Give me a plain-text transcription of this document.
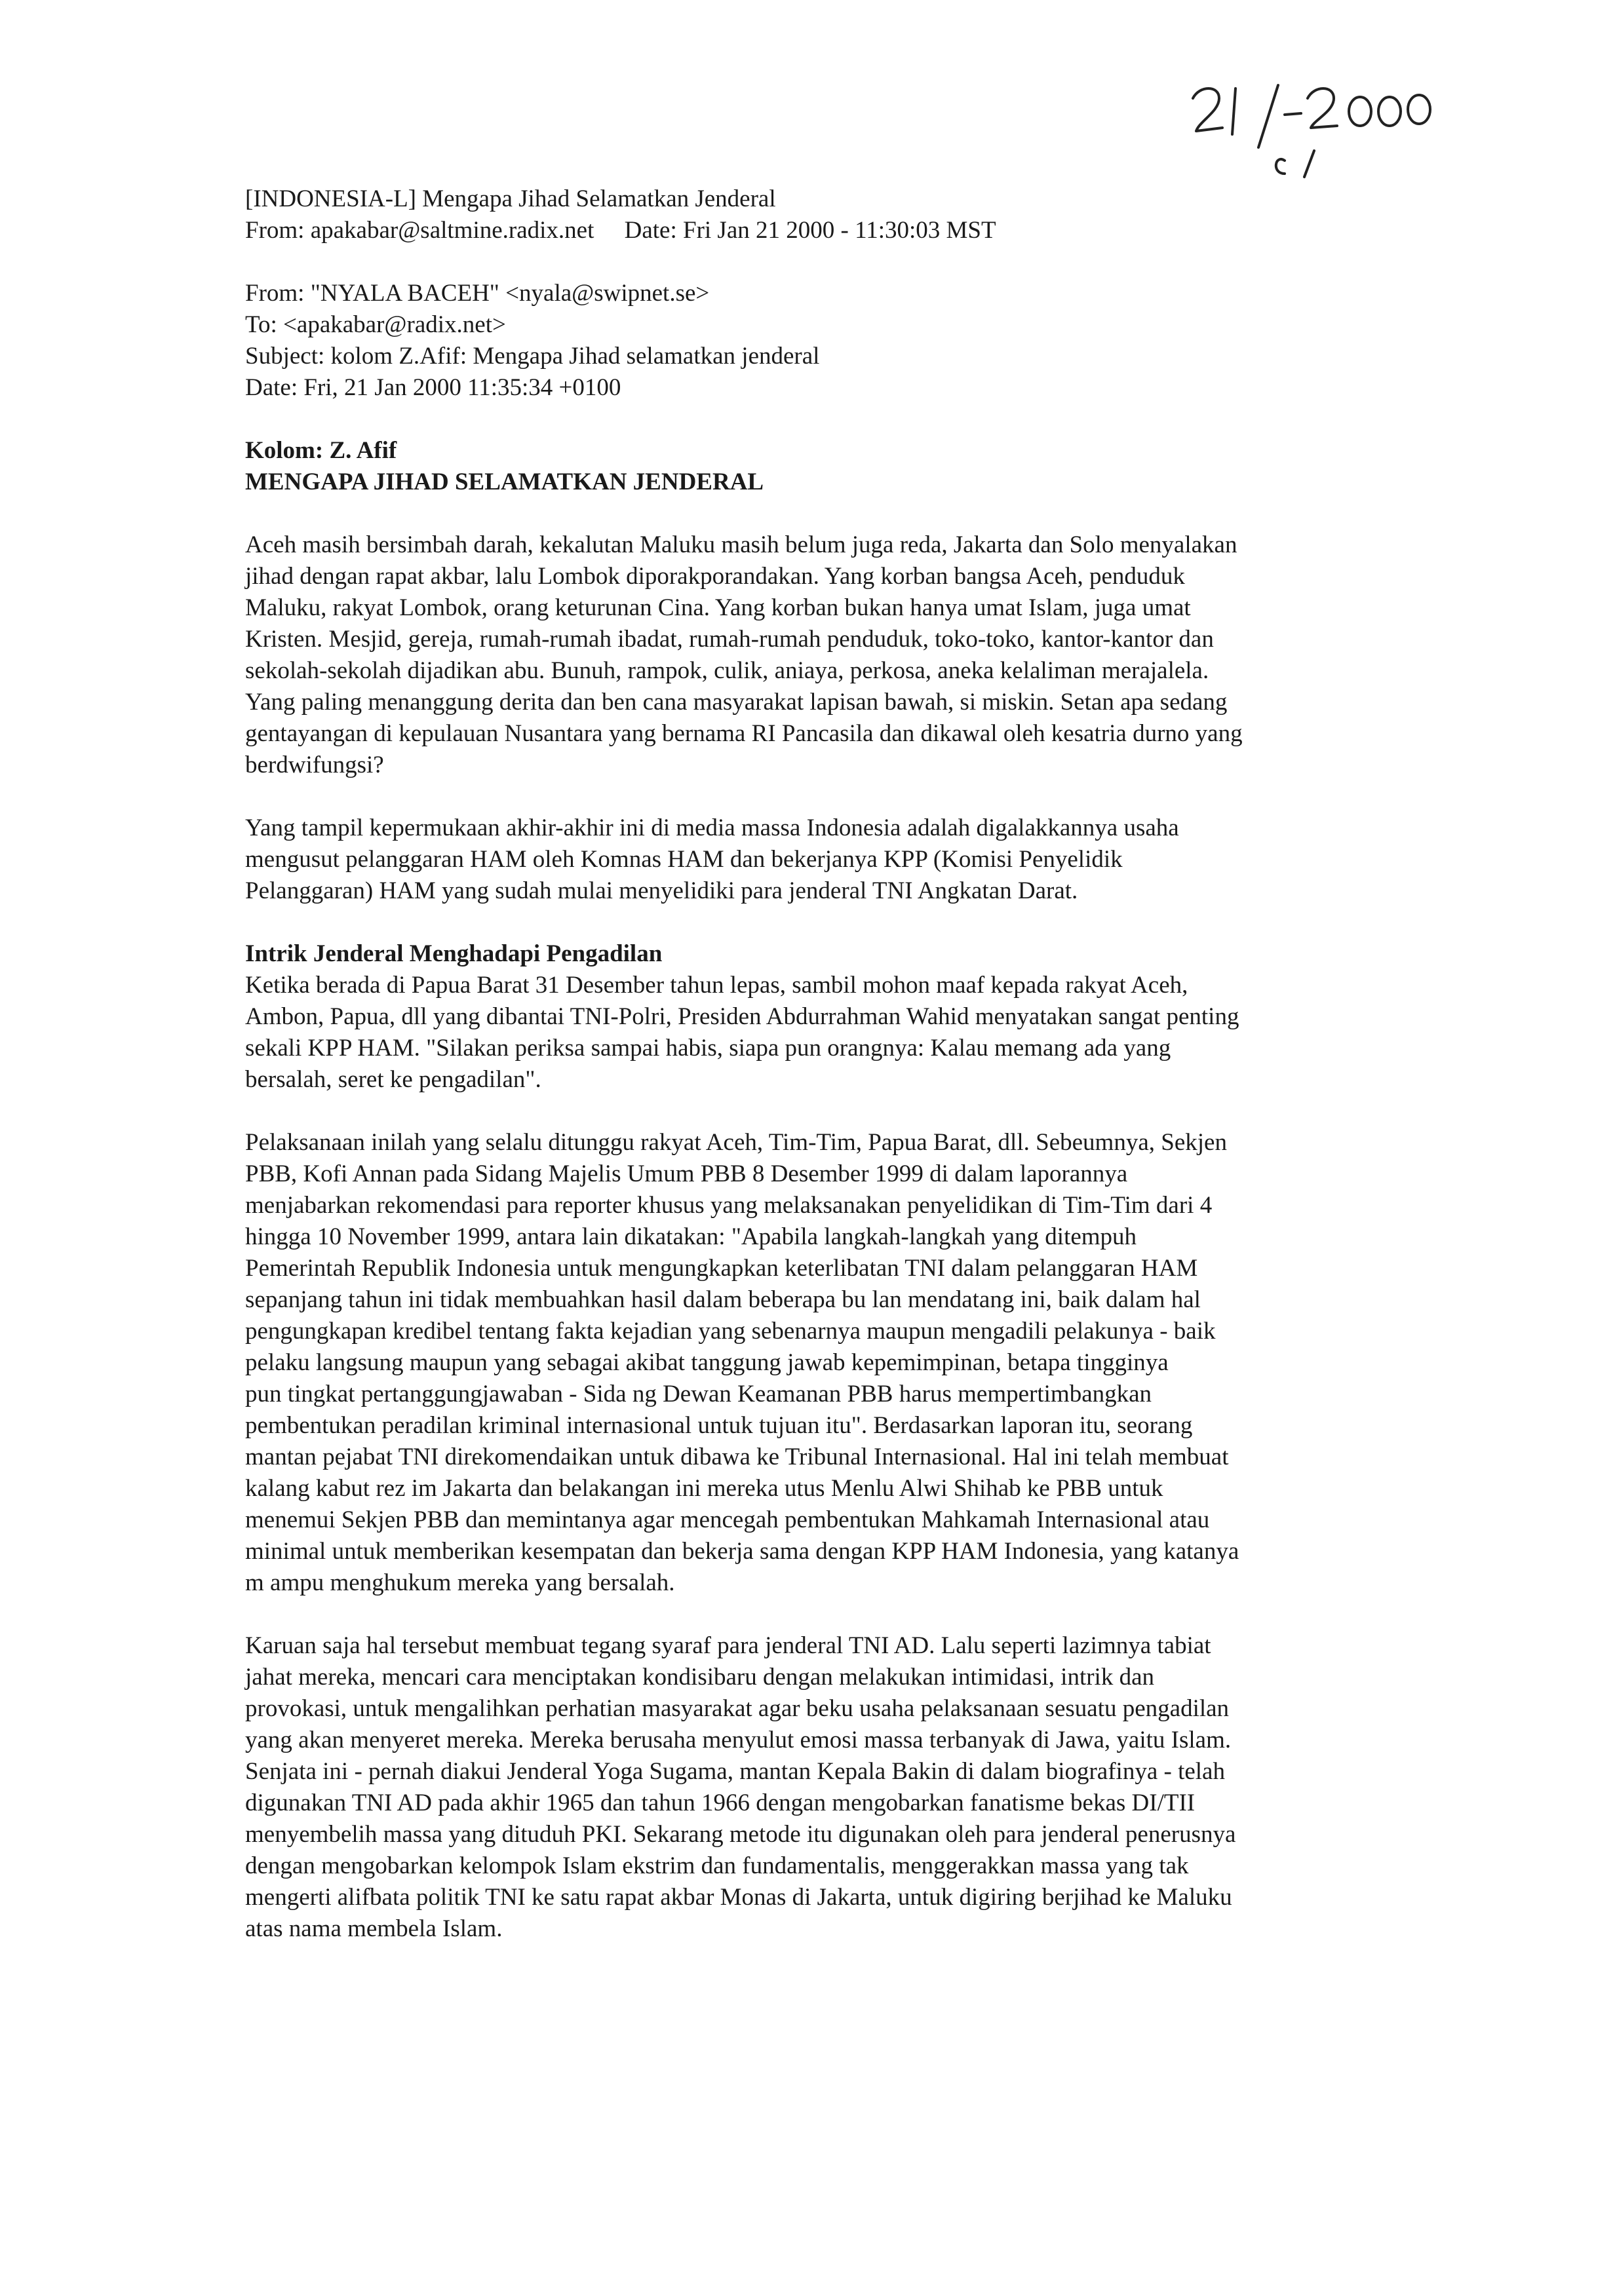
21/2000 c/

[INDONESIA-L] Mengapa Jihad Selamatkan Jenderal

From: apakabar@saltmine.radix.net     Date: Fri Jan 21 2000 - 11:30:03 MST

From: "NYALA BACEH" <nyala@swipnet.se>

To: <apakabar@radix.net>

Subject: kolom Z.Afif: Mengapa Jihad selamatkan jenderal

Date: Fri, 21 Jan 2000 11:35:34 +0100

Kolom: Z. Afif

MENGAPA JIHAD SELAMATKAN JENDERAL

Aceh masih bersimbah darah, kekalutan Maluku masih belum juga reda, Jakarta dan Solo menyalakan
jihad dengan rapat akbar, lalu Lombok diporakporandakan. Yang korban bangsa Aceh, penduduk
Maluku, rakyat Lombok, orang keturunan Cina. Yang korban bukan hanya umat Islam, juga umat
Kristen. Mesjid, gereja, rumah-rumah ibadat, rumah-rumah penduduk, toko-toko, kantor-kantor dan
sekolah-sekolah dijadikan abu. Bunuh, rampok, culik, aniaya, perkosa, aneka kelaliman merajalela.
Yang paling menanggung derita dan ben cana masyarakat lapisan bawah, si miskin. Setan apa sedang
gentayangan di kepulauan Nusantara yang bernama RI Pancasila dan dikawal oleh kesatria durno yang
berdwifungsi?
Yang tampil kepermukaan akhir-akhir ini di media massa Indonesia adalah digalakkannya usaha
mengusut pelanggaran HAM oleh Komnas HAM dan bekerjanya KPP (Komisi Penyelidik
Pelanggaran) HAM yang sudah mulai menyelidiki para jenderal TNI Angkatan Darat.

Intrik Jenderal Menghadapi Pengadilan

Ketika berada di Papua Barat 31 Desember tahun lepas, sambil mohon maaf kepada rakyat Aceh,
Ambon, Papua, dll yang dibantai TNI-Polri, Presiden Abdurrahman Wahid menyatakan sangat penting
sekali KPP HAM. "Silakan periksa sampai habis, siapa pun orangnya: Kalau memang ada yang
bersalah, seret ke pengadilan".
Pelaksanaan inilah yang selalu ditunggu rakyat Aceh, Tim-Tim, Papua Barat, dll. Sebeumnya, Sekjen
PBB, Kofi Annan pada Sidang Majelis Umum PBB 8 Desember 1999 di dalam laporannya
menjabarkan rekomendasi para reporter khusus yang melaksanakan penyelidikan di Tim-Tim dari 4
hingga 10 November 1999, antara lain dikatakan: "Apabila langkah-langkah yang ditempuh
Pemerintah Republik Indonesia untuk mengungkapkan keterlibatan TNI dalam pelanggaran HAM
sepanjang tahun ini tidak membuahkan hasil dalam beberapa bu lan mendatang ini, baik dalam hal
pengungkapan kredibel tentang fakta kejadian yang sebenarnya maupun mengadili pelakunya - baik
pelaku langsung maupun yang sebagai akibat tanggung jawab kepemimpinan, betapa tingginya
pun tingkat pertanggungjawaban - Sida ng Dewan Keamanan PBB harus mempertimbangkan
pembentukan peradilan kriminal internasional untuk tujuan itu". Berdasarkan laporan itu, seorang
mantan pejabat TNI direkomendaikan untuk dibawa ke Tribunal Internasional. Hal ini telah membuat
kalang kabut rez im Jakarta dan belakangan ini mereka utus Menlu Alwi Shihab ke PBB untuk
menemui Sekjen PBB dan memintanya agar mencegah pembentukan Mahkamah Internasional atau
minimal untuk memberikan kesempatan dan bekerja sama dengan KPP HAM Indonesia, yang katanya
m ampu menghukum mereka yang bersalah.
Karuan saja hal tersebut membuat tegang syaraf para jenderal TNI AD. Lalu seperti lazimnya tabiat
jahat mereka, mencari cara menciptakan kondisibaru dengan melakukan intimidasi, intrik dan
provokasi, untuk mengalihkan perhatian masyarakat agar beku usaha pelaksanaan sesuatu pengadilan
yang akan menyeret mereka. Mereka berusaha menyulut emosi massa terbanyak di Jawa, yaitu Islam.
Senjata ini - pernah diakui Jenderal Yoga Sugama, mantan Kepala Bakin di dalam biografinya - telah
digunakan TNI AD pada akhir 1965 dan tahun 1966 dengan mengobarkan fanatisme bekas DI/TII
menyembelih massa yang dituduh PKI. Sekarang metode itu digunakan oleh para jenderal penerusnya
dengan mengobarkan kelompok Islam ekstrim dan fundamentalis, menggerakkan massa yang tak
mengerti alifbata politik TNI ke satu rapat akbar Monas di Jakarta, untuk digiring berjihad ke Maluku
atas nama membela Islam.
